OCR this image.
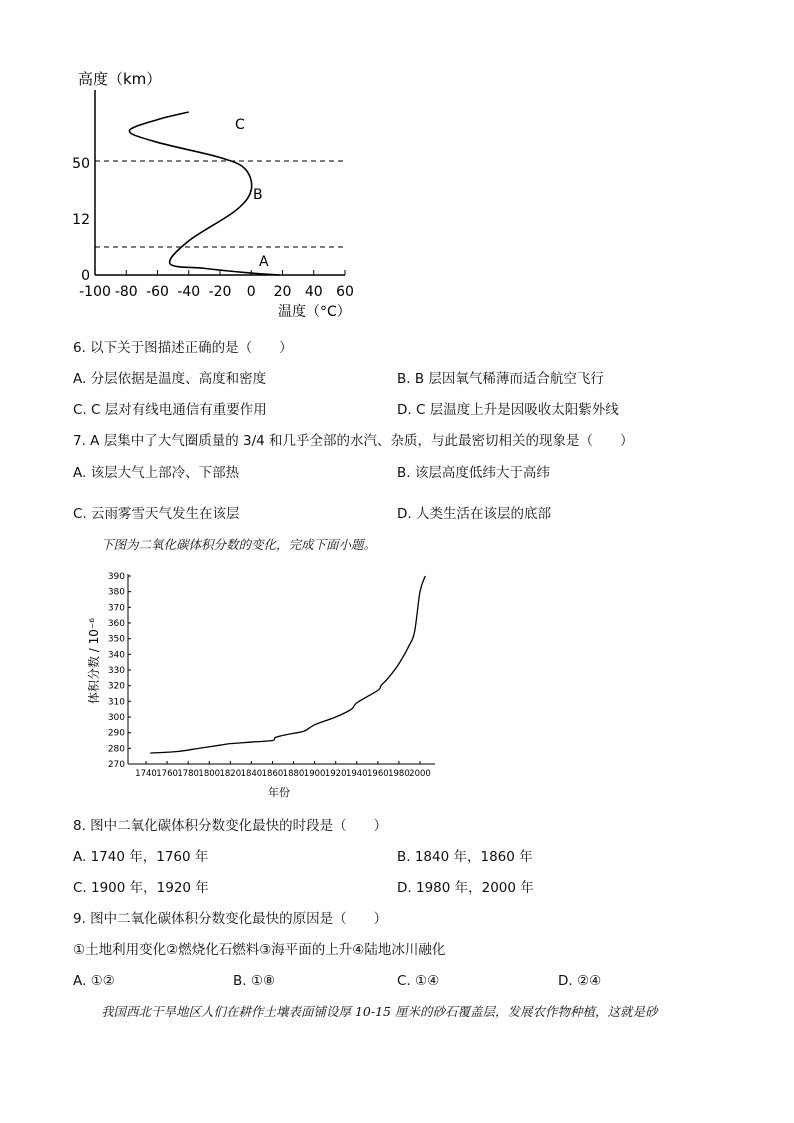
高度（km）
0
12
50
-100 -80 -60 -40 -20 0 20 40 60
C
B
A
温度（°C）
6. 以下关于图描述正确的是（　　）
A. 分层依据是温度、高度和密度	B. B 层因氧气稀薄而适合航空飞行
C. C 层对有线电通信有重要作用	D. C 层温度上升是因吸收太阳紫外线
7. A 层集中了大气圈质量的 3/4 和几乎全部的水汽、杂质，与此最密切相关的现象是（　　）
A. 该层大气上部冷、下部热	B. 该层高度低纬大于高纬
C. 云雨雾雪天气发生在该层	D. 人类生活在该层的底部
下图为二氧化碳体积分数的变化，完成下面小题。
体积分数 / 10⁻⁶
270
280
290
300
310
320
330
340
350
360
370
380
390
1740 1760 1780 1800 1820 1840 1860 1880 1900 1920 1940 1960 1980 2000
年份
8. 图中二氧化碳体积分数变化最快的时段是（　　）
A. 1740 年，1760 年	B. 1840 年，1860 年
C. 1900 年，1920 年	D. 1980 年，2000 年
9. 图中二氧化碳体积分数变化最快的原因是（　　）
①土地利用变化②燃烧化石燃料③海平面的上升④陆地冰川融化
A. ①②	B. ①⑧	C. ①④	D. ②④
我国西北干旱地区人们在耕作土壤表面铺设厚 10-15 厘米的砂石覆盖层，发展农作物种植，这就是砂
